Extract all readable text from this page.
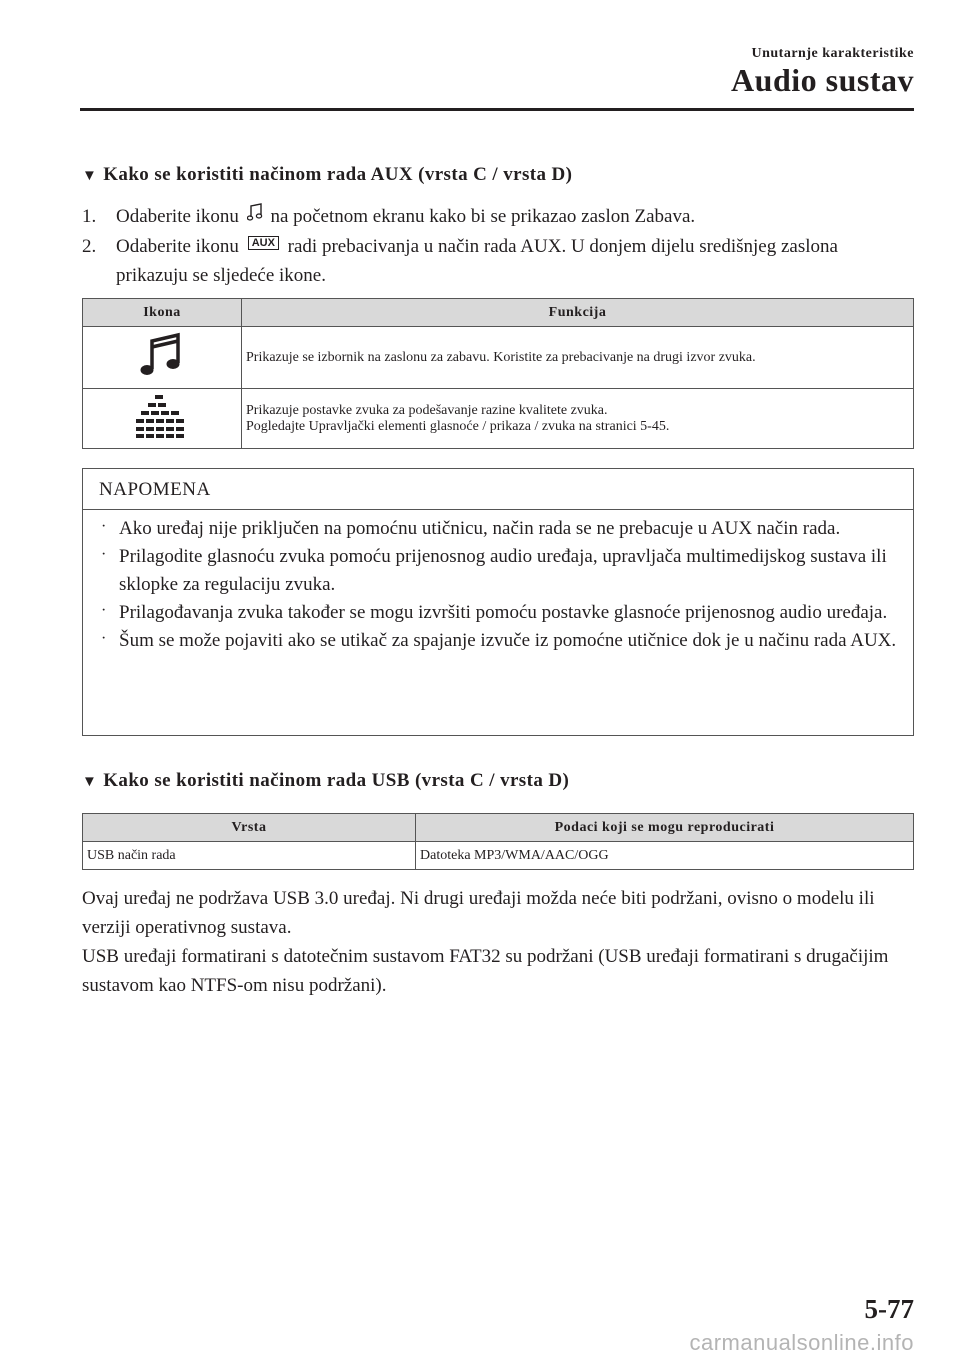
Unutarnje karakteristike
Audio sustav
▼ Kako se koristiti načinom rada AUX (vrsta C / vrsta D)
1. Odaberite ikonu na početnom ekranu kako bi se prikazao zaslon Zabava.
2. Odaberite ikonu AUX radi prebacivanja u način rada AUX. U donjem dijelu središnjeg zaslona prikazuju se sljedeće ikone.
Ikona	Funkcija
	Prikazuje se izbornik na zaslonu za zabavu. Koristite za prebacivanje na drugi izvor zvuka.

Prikazuje postavke zvuka za podešavanje razine kvalitete zvuka.
Pogledajte Upravljački elementi glasnoće / prikaza / zvuka na stranici 5-45.
NAPOMENA
· Ako uređaj nije priključen na pomoćnu utičnicu, način rada se ne prebacuje u AUX način rada.
· Prilagodite glasnoću zvuka pomoću prijenosnog audio uređaja, upravljača multimedijskog sustava ili sklopke za regulaciju zvuka.
· Prilagođavanja zvuka također se mogu izvršiti pomoću postavke glasnoće prijenosnog audio uređaja.
· Šum se može pojaviti ako se utikač za spajanje izvuče iz pomoćne utičnice dok je u načinu rada AUX.
▼ Kako se koristiti načinom rada USB (vrsta C / vrsta D)
Vrsta	Podaci koji se mogu reproducirati
USB način rada	Datoteka MP3/WMA/AAC/OGG
Ovaj uređaj ne podržava USB 3.0 uređaj. Ni drugi uređaji možda neće biti podržani, ovisno o modelu ili verziji operativnog sustava.
USB uređaji formatirani s datotečnim sustavom FAT32 su podržani (USB uređaji formatirani s drugačijim sustavom kao NTFS-om nisu podržani).
5-77
carmanualsonline.info
